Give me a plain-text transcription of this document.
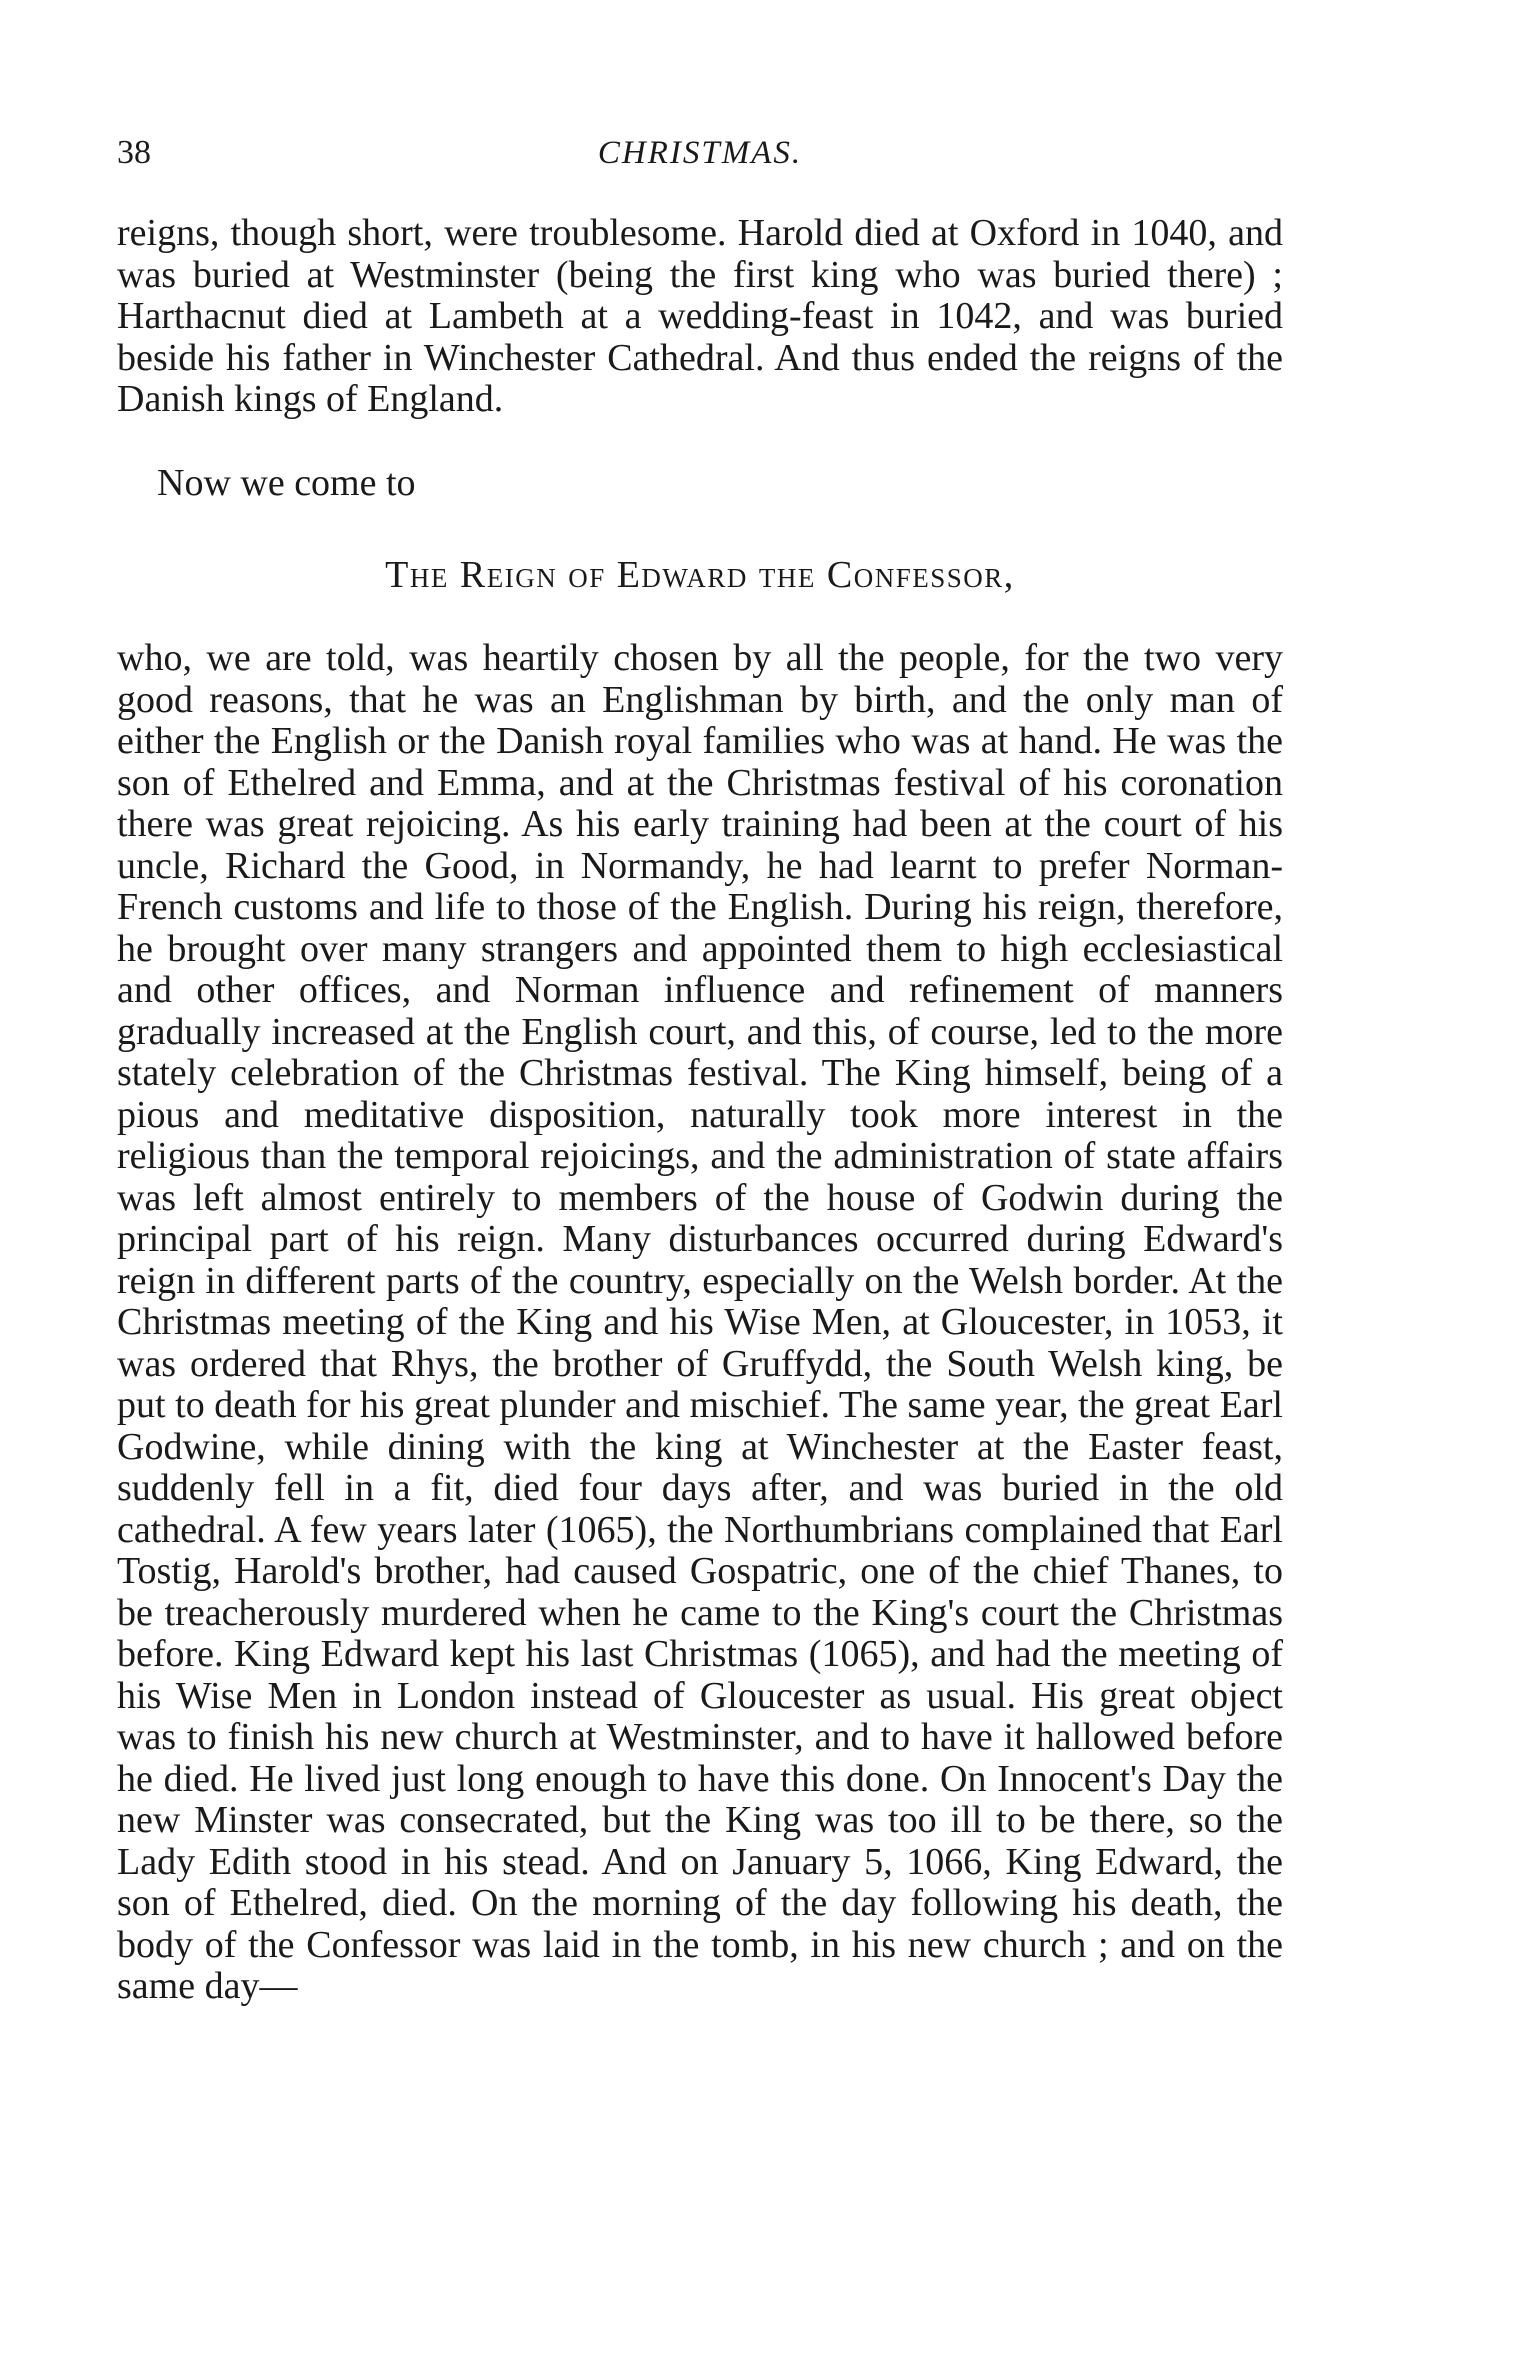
38	CHRISTMAS.

reigns, though short, were troublesome. Harold died at Oxford in 1040, and was buried at Westminster (being the first king who was buried there) ; Harthacnut died at Lambeth at a wedding-feast in 1042, and was buried beside his father in Winchester Cathedral. And thus ended the reigns of the Danish kings of England.

Now we come to

The Reign of Edward the Confessor,

who, we are told, was heartily chosen by all the people, for the two very good reasons, that he was an Englishman by birth, and the only man of either the English or the Danish royal families who was at hand. He was the son of Ethelred and Emma, and at the Christmas festival of his coronation there was great rejoicing. As his early training had been at the court of his uncle, Richard the Good, in Normandy, he had learnt to prefer Norman-French customs and life to those of the English. During his reign, therefore, he brought over many strangers and appointed them to high ecclesiastical and other offices, and Norman influence and refinement of manners gradually increased at the English court, and this, of course, led to the more stately celebration of the Christmas festival. The King himself, being of a pious and meditative disposition, naturally took more interest in the religious than the temporal rejoicings, and the administration of state affairs was left almost entirely to members of the house of Godwin during the principal part of his reign. Many disturbances occurred during Edward's reign in different parts of the country, especially on the Welsh border. At the Christmas meeting of the King and his Wise Men, at Gloucester, in 1053, it was ordered that Rhys, the brother of Gruffydd, the South Welsh king, be put to death for his great plunder and mischief. The same year, the great Earl Godwine, while dining with the king at Winchester at the Easter feast, suddenly fell in a fit, died four days after, and was buried in the old cathedral. A few years later (1065), the Northumbrians complained that Earl Tostig, Harold's brother, had caused Gospatric, one of the chief Thanes, to be treacherously murdered when he came to the King's court the Christmas before. King Edward kept his last Christmas (1065), and had the meeting of his Wise Men in London instead of Gloucester as usual. His great object was to finish his new church at Westminster, and to have it hallowed before he died. He lived just long enough to have this done. On Innocent's Day the new Minster was consecrated, but the King was too ill to be there, so the Lady Edith stood in his stead. And on January 5, 1066, King Edward, the son of Ethelred, died. On the morning of the day following his death, the body of the Confessor was laid in the tomb, in his new church ; and on the same day—
